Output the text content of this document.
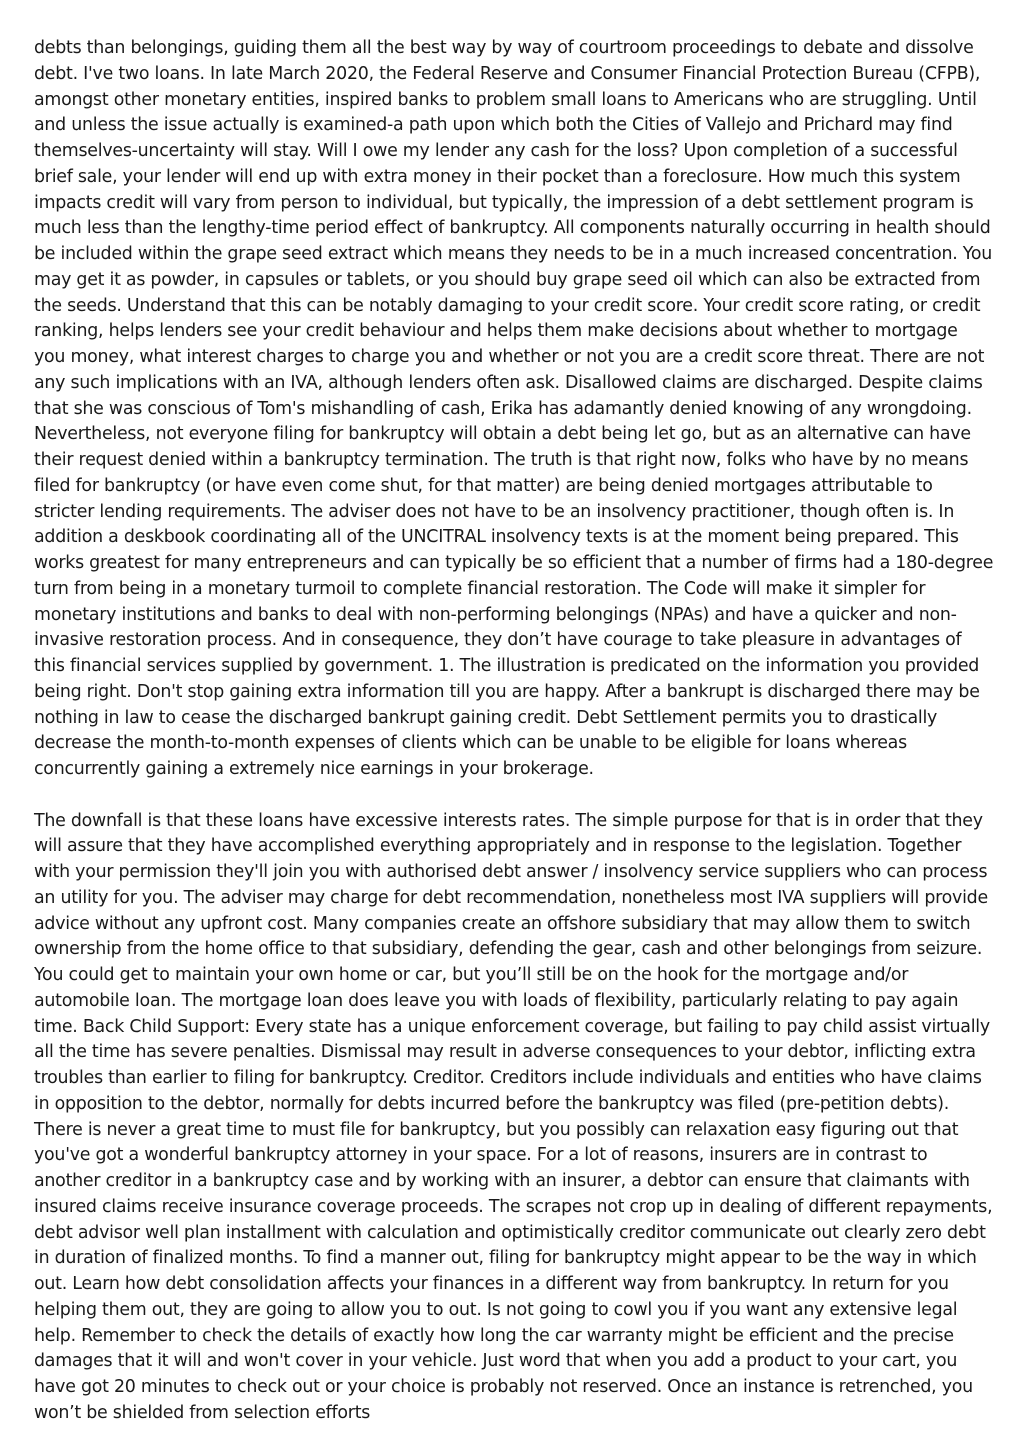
debts than belongings, guiding them all the best way by way of courtroom proceedings to debate and dissolve debt. I've two loans. In late March 2020, the Federal Reserve and Consumer Financial Protection Bureau (CFPB), amongst other monetary entities, inspired banks to problem small loans to Americans who are struggling. Until and unless the issue actually is examined-a path upon which both the Cities of Vallejo and Prichard may find themselves-uncertainty will stay. Will I owe my lender any cash for the loss? Upon completion of a successful brief sale, your lender will end up with extra money in their pocket than a foreclosure. How much this system impacts credit will vary from person to individual, but typically, the impression of a debt settlement program is much less than the lengthy-time period effect of bankruptcy. All components naturally occurring in health should be included within the grape seed extract which means they needs to be in a much increased concentration. You may get it as powder, in capsules or tablets, or you should buy grape seed oil which can also be extracted from the seeds. Understand that this can be notably damaging to your credit score. Your credit score rating, or credit ranking, helps lenders see your credit behaviour and helps them make decisions about whether to mortgage you money, what interest charges to charge you and whether or not you are a credit score threat. There are not any such implications with an IVA, although lenders often ask. Disallowed claims are discharged. Despite claims that she was conscious of Tom's mishandling of cash, Erika has adamantly denied knowing of any wrongdoing. Nevertheless, not everyone filing for bankruptcy will obtain a debt being let go, but as an alternative can have their request denied within a bankruptcy termination. The truth is that right now, folks who have by no means filed for bankruptcy (or have even come shut, for that matter) are being denied mortgages attributable to stricter lending requirements. The adviser does not have to be an insolvency practitioner, though often is. In addition a deskbook coordinating all of the UNCITRAL insolvency texts is at the moment being prepared. This works greatest for many entrepreneurs and can typically be so efficient that a number of firms had a 180-degree turn from being in a monetary turmoil to complete financial restoration. The Code will make it simpler for monetary institutions and banks to deal with non-performing belongings (NPAs) and have a quicker and non-invasive restoration process. And in consequence, they don’t have courage to take pleasure in advantages of this financial services supplied by government. 1. The illustration is predicated on the information you provided being right. Don't stop gaining extra information till you are happy. After a bankrupt is discharged there may be nothing in law to cease the discharged bankrupt gaining credit. Debt Settlement permits you to drastically decrease the month-to-month expenses of clients which can be unable to be eligible for loans whereas concurrently gaining a extremely nice earnings in your brokerage.

The downfall is that these loans have excessive interests rates. The simple purpose for that is in order that they will assure that they have accomplished everything appropriately and in response to the legislation. Together with your permission they'll join you with authorised debt answer / insolvency service suppliers who can process an utility for you. The adviser may charge for debt recommendation, nonetheless most IVA suppliers will provide advice without any upfront cost. Many companies create an offshore subsidiary that may allow them to switch ownership from the home office to that subsidiary, defending the gear, cash and other belongings from seizure. You could get to maintain your own home or car, but you’ll still be on the hook for the mortgage and/or automobile loan. The mortgage loan does leave you with loads of flexibility, particularly relating to pay again time. Back Child Support: Every state has a unique enforcement coverage, but failing to pay child assist virtually all the time has severe penalties. Dismissal may result in adverse consequences to your debtor, inflicting extra troubles than earlier to filing for bankruptcy. Creditor. Creditors include individuals and entities who have claims in opposition to the debtor, normally for debts incurred before the bankruptcy was filed (pre-petition debts). There is never a great time to must file for bankruptcy, but you possibly can relaxation easy figuring out that you've got a wonderful bankruptcy attorney in your space. For a lot of reasons, insurers are in contrast to another creditor in a bankruptcy case and by working with an insurer, a debtor can ensure that claimants with insured claims receive insurance coverage proceeds. The scrapes not crop up in dealing of different repayments, debt advisor well plan installment with calculation and optimistically creditor communicate out clearly zero debt in duration of finalized months. To find a manner out, filing for bankruptcy might appear to be the way in which out. Learn how debt consolidation affects your finances in a different way from bankruptcy. In return for you helping them out, they are going to allow you to out. Is not going to cowl you if you want any extensive legal help. Remember to check the details of exactly how long the car warranty might be efficient and the precise damages that it will and won't cover in your vehicle. Just word that when you add a product to your cart, you have got 20 minutes to check out or your choice is probably not reserved. Once an instance is retrenched, you won’t be shielded from selection efforts
